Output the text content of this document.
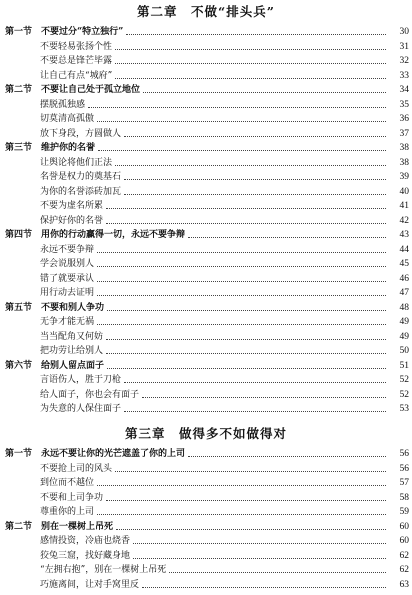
第二章　不做“排头兵”
第一节 不要过分“特立独行”	30
不要轻易张扬个性	31
不要总是锋芒毕露	32
让自己有点“城府”	33
第二节 不要让自己处于孤立地位	34
摆脱孤独感	35
切莫清高孤傲	36
放下身段，方圆做人	37
第三节 维护你的名誉	38
让舆论将他们正法	38
名誉是权力的奠基石	39
为你的名誉添砖加瓦	40
不要为虚名所累	41
保护好你的名誉	42
第四节 用你的行动赢得一切，永远不要争辩	43
永远不要争辩	44
学会说服别人	45
错了就要承认	46
用行动去证明	47
第五节 不要和别人争功	48
无争才能无祸	49
当当配角又何妨	49
把功劳让给别人	50
第六节 给别人留点面子	51
言语伤人，胜于刀枪	52
给人面子，你也会有面子	52
为失意的人保住面子	53
第三章　做得多不如做得对
第一节 永远不要让你的光芒遮盖了你的上司	56
不要抢上司的风头	56
到位而不越位	57
不要和上司争功	58
尊重你的上司	59
第二节 别在一棵树上吊死	60
感情投资，冷庙也烧香	60
狡兔三窟，找好藏身地	62
“左拥右抱”，别在一棵树上吊死	62
巧施离间，让对手窝里反	63
